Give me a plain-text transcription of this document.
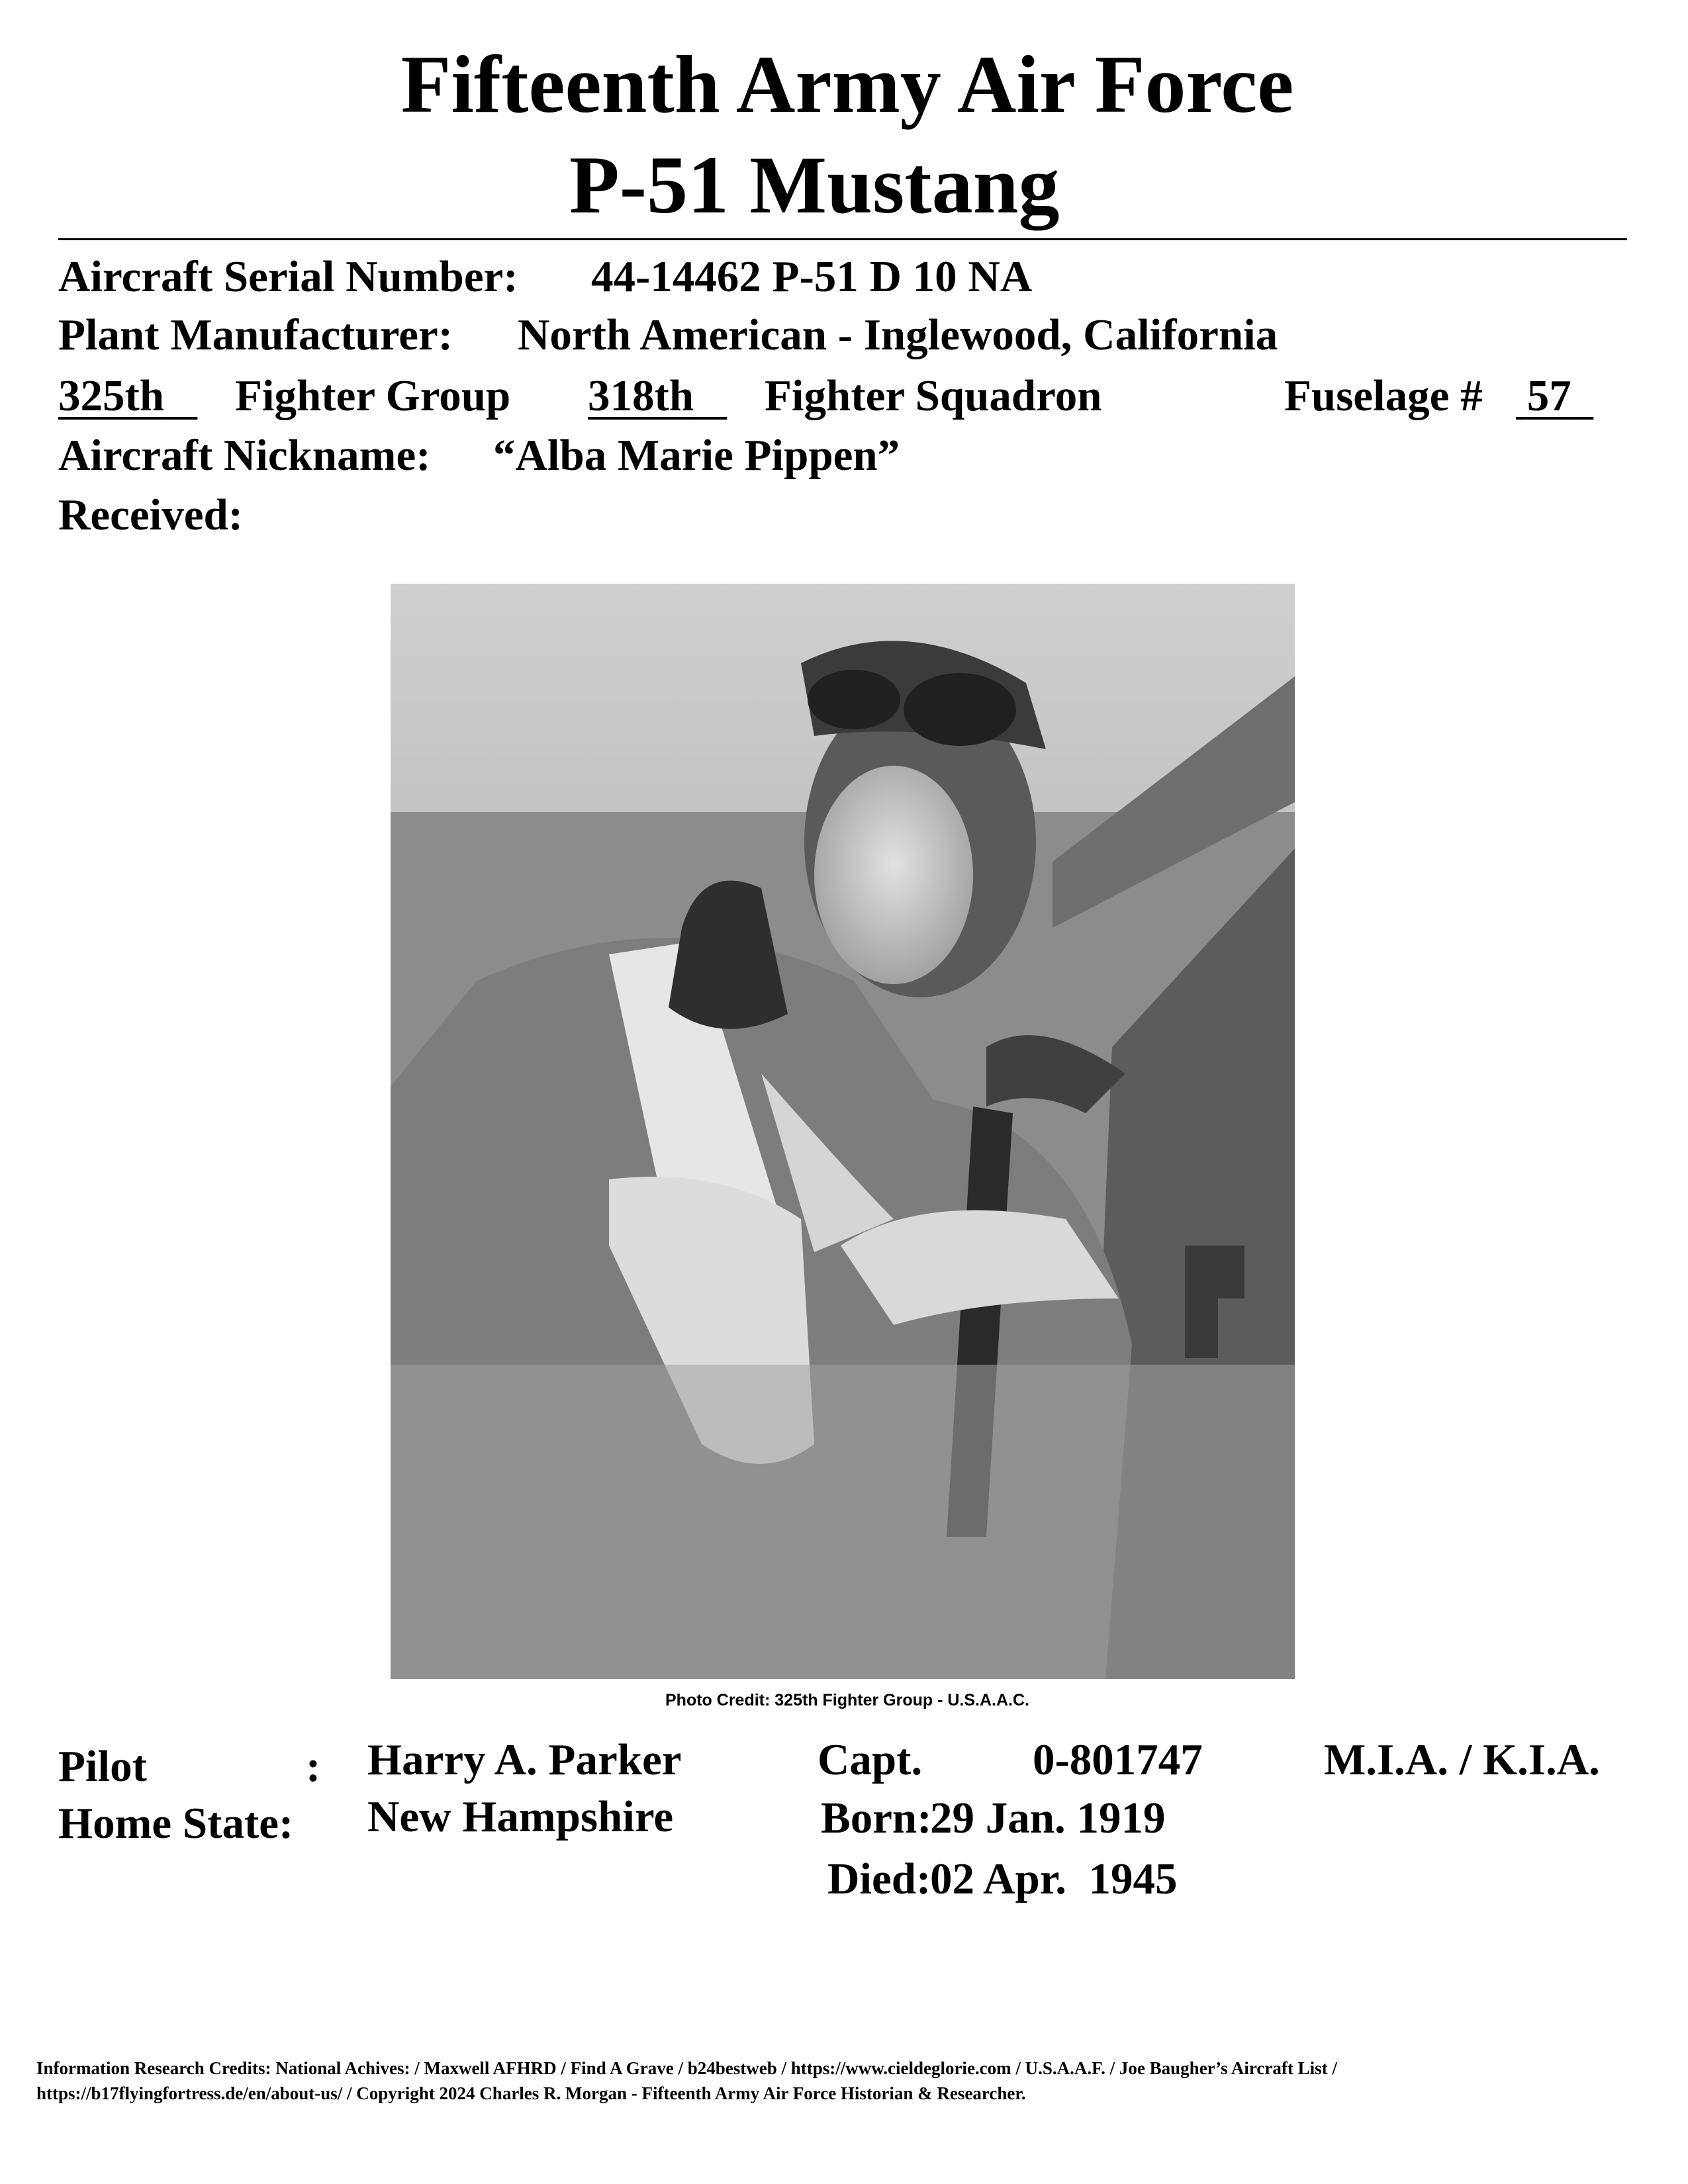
Fifteenth Army Air Force
P-51 Mustang
Aircraft Serial Number: 44-14462 P-51 D 10 NA
Plant Manufacturer: North American - Inglewood, California
325th	Fighter Group 318th	Fighter Squadron	Fuselage # 57
Aircraft Nickname: “Alba Marie Pippen”
Received:
Photo Credit: 325th Fighter Group - U.S.A.A.C.
Pilot	: Harry A. Parker	Capt. 0-801747	M.I.A. / K.I.A.
Home State: New Hampshire	Born:
29 Jan. 1919
Died:
02 Apr.  1945
Information Research Credits: National Achives: / Maxwell AFHRD / Find A Grave / b24bestweb / https://www.cieldeglorie.com / U.S.A.A.F. / Joe Baugher’s Aircraft List /
https://b17flyingfortress.de/en/about-us/ / Copyright 2024 Charles R. Morgan - Fifteenth Army Air Force Historian & Researcher.
